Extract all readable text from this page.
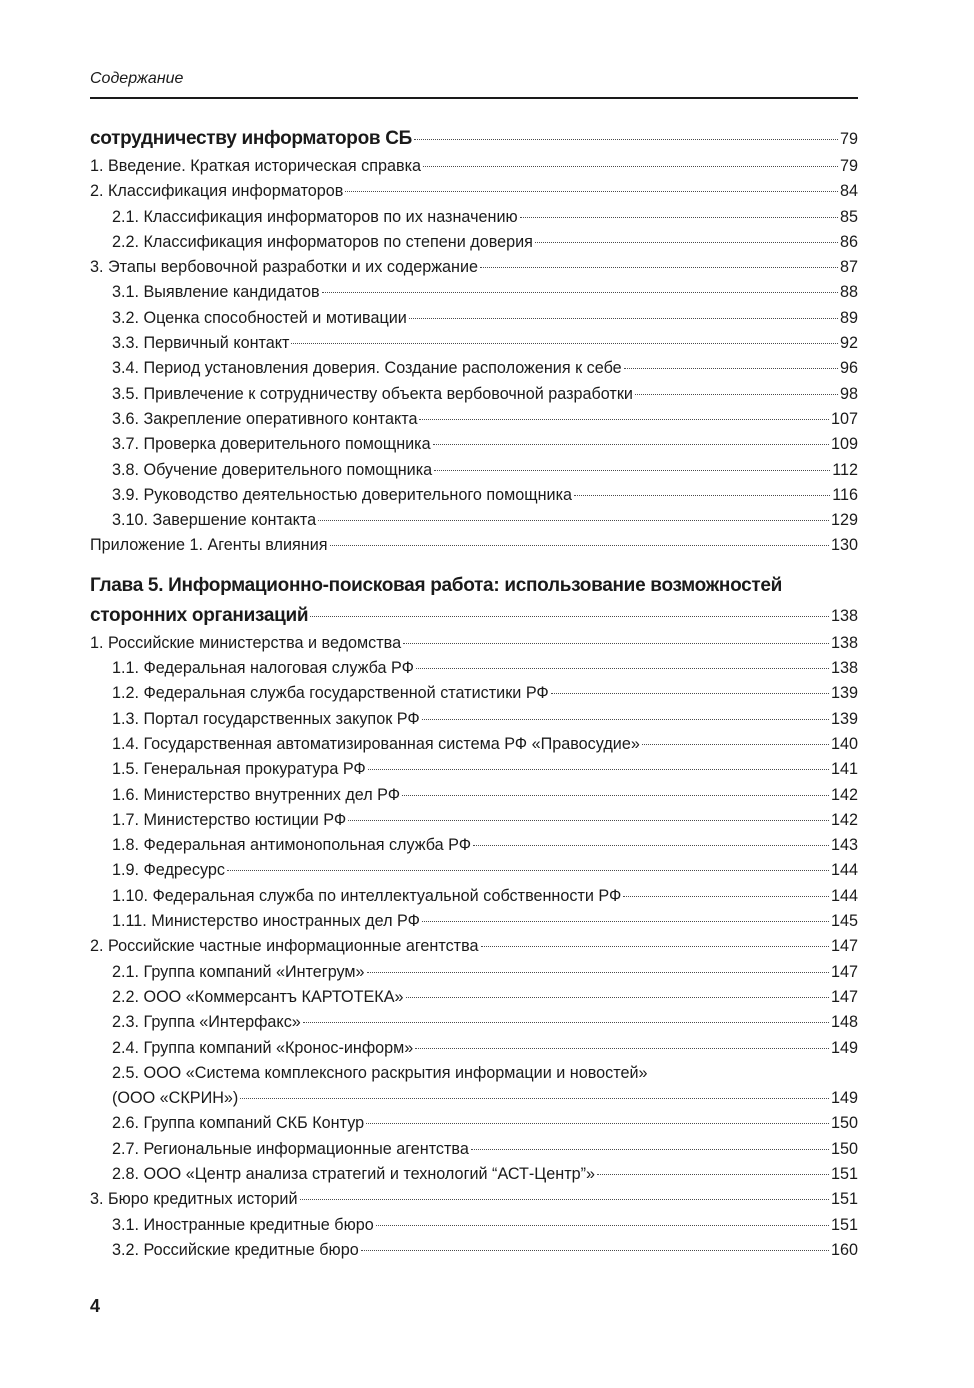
Содержание
сотрудничеству информаторов СБ	79
1. Введение. Краткая историческая справка	79
2. Классификация информаторов	84
2.1. Классификация информаторов по их назначению	85
2.2. Классификация информаторов по степени доверия	86
3. Этапы вербовочной разработки и их содержание	87
3.1. Выявление кандидатов	88
3.2. Оценка способностей и мотивации	89
3.3. Первичный контакт	92
3.4. Период установления доверия. Создание расположения к себе	96
3.5. Привлечение к сотрудничеству объекта вербовочной разработки	98
3.6. Закрепление оперативного контакта	107
3.7. Проверка доверительного помощника	109
3.8. Обучение доверительного помощника	112
3.9. Руководство деятельностью доверительного помощника	116
3.10. Завершение контакта	129
Приложение 1. Агенты влияния	130
Глава 5. Информационно-поисковая работа: использование возможностей
сторонних организаций	138
1. Российские министерства и ведомства	138
1.1. Федеральная налоговая служба РФ	138
1.2. Федеральная служба государственной статистики РФ	139
1.3. Портал государственных закупок РФ	139
1.4. Государственная автоматизированная система РФ «Правосудие»	140
1.5. Генеральная прокуратура РФ	141
1.6. Министерство внутренних дел РФ	142
1.7. Министерство юстиции РФ	142
1.8. Федеральная антимонопольная служба РФ	143
1.9. Федресурс	144
1.10. Федеральная служба по интеллектуальной собственности РФ	144
1.11. Министерство иностранных дел РФ	145
2. Российские частные информационные агентства	147
2.1. Группа компаний «Интегрум»	147
2.2. ООО «Коммерсантъ КАРТОТЕКА»	147
2.3. Группа «Интерфакс»	148
2.4. Группа компаний «Кронос-информ»	149
2.5. ООО «Система комплексного раскрытия информации и новостей»
(ООО «СКРИН»)	149
2.6. Группа компаний СКБ Контур	150
2.7. Региональные информационные агентства	150
2.8. ООО «Центр анализа стратегий и технологий “АСТ-Центр”»	151
3. Бюро кредитных историй	151
3.1. Иностранные кредитные бюро	151
3.2. Российские кредитные бюро	160
4
